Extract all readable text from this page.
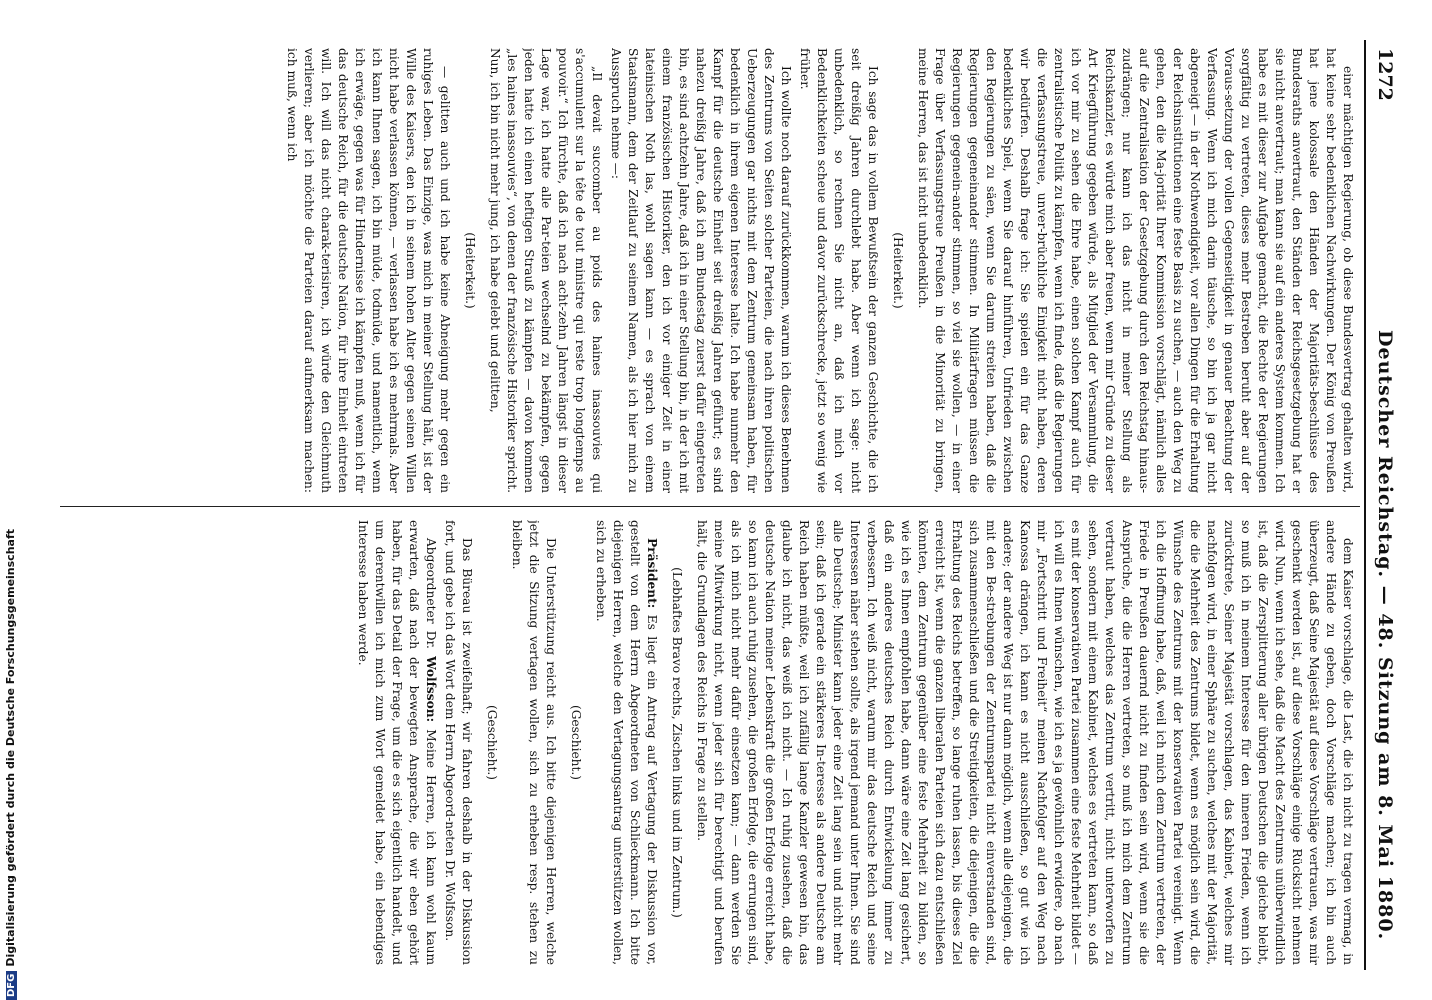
1272
Deutscher Reichstag. — 48. Sitzung am 8. Mai 1880.

einer mächtigen Regierung, ob diese Bundesvertrag gehalten wird, hat keine sehr bedenklichen Nachwirkungen. Der König von Preußen hat jene kolossale den Händen der Majoritäts-beschlüsse des Bundesraths anvertraut, den Ständen der Reichsgesetzgebung hat er sie nicht anvertraut; man kann sie auf ein anderes System kommen. Ich habe es mit dieser zur Aufgabe gemacht, die Rechte der Regierungen sorgfältig zu vertreten, dieses mehr Bestreben beruht aber auf der Voraus-setzung der vollen Gegenseitigkeit in genauer Beachtung der Verfassung. Wenn ich mich darin täusche, so bin ich ja gar nicht abgeneigt — in der Nothwendigkeit, vor allen Dingen für die Erhaltung der Reichsinstitutionen eine feste Basis zu suchen, — auch den Weg zu gehen, den die Ma-jorität Ihrer Kommission vorschlägt, nämlich alles auf die Zentralisation der Gesetzgebung durch den Reichstag hinaus-zudrängen; nur kann ich das nicht in meiner Stellung als Reichskanzler, es würde mich aber freuen, wenn mir Gründe zu dieser Art Kriegführung gegeben würde, als Mitglied der Versammlung, die ich vor mir zu sehen die Ehre habe, einen solchen Kampf auch für zentralistische Politik zu kämpfen, wenn ich finde, daß die Regierungen die verfassungstreue, unver-brüchliche Einigkeit nicht haben, deren wir bedürfen. Deshalb frage ich: Sie spielen ein für das Ganze bedenkliches Spiel, wenn Sie darauf hinführen, Unfrieden zwischen den Regierungen zu säen, wenn Sie darum streiten haben, daß die Regierungen gegeneinander stimmen. In Militärfragen müssen die Regierungen gegenein-ander stimmen, so viel sie wollen, — in einer Frage über Verfassungstreue Preußen in die Minorität zu bringen, meine Herren, das ist nicht unbedenklich.

(Heiterkeit.)

Ich sage das in vollem Bewußtsein der ganzen Geschichte, die ich seit dreißig Jahren durchlebt habe. Aber wenn ich sage: nicht unbedenklich, so rechnen Sie nicht an, daß ich mich vor Bedenklichkeiten scheue und davor zurückschrecke, jetzt so wenig wie früher.

Ich wollte noch darauf zurückkommen, warum ich dieses Benehmen des Zentrums von Seiten solcher Parteien, die nach ihren politischen Ueberzeugungen gar nichts mit dem Zentrum gemeinsam haben, für bedenklich in ihrem eigenen Interesse halte. Ich habe nunmehr den Kampf für die deutsche Einheit seit dreißig Jahren geführt; es sind nahezu dreißig Jahre, daß ich am Bundestag zuerst dafür eingetreten bin, es sind achtzehn Jahre, daß ich in einer Stellung bin, in der ich mit einem französischen Historiker, den ich vor einiger Zeit in einer lateinischen Noth las, wohl sagen kann — es sprach von einem Staatsmann, dem der Zeitlauf zu seinem Namen, als ich hier mich zu Ausspruch nehme —:

„Il devait succomber au poids des haines inassouvies qui s'accumulent sur la tête de tout ministre qui reste trop longtemps au pouvoir.“ Ich fürchte, daß ich nach acht-zehn Jahren längst in dieser Lage war, ich hatte alle Par-teien wechselnd zu bekämpfen, gegen jeden hatte ich einen heftigen Strauß zu kämpfen — davon kommen „les haines inassouvies“, von denen der französische Historiker spricht. Nun, ich bin nicht mehr jung, ich habe gelebt und gelitten,

(Heiterkeit.)

— gelitten auch und ich habe keine Abneigung mehr gegen ein ruhiges Leben. Das Einzige, was mich in meiner Stellung hält, ist der Wille des Kaisers, den ich in seinem hohen Alter gegen seinen Willen nicht habe verlassen können, — verlassen habe ich es mehrmals. Aber ich kann Ihnen sagen, ich bin müde, todmüde, und namentlich, wenn ich erwäge, gegen was für Hindernisse ich kämpfen muß, wenn ich für das deutsche Reich, für die deutsche Nation, für ihre Einheit eintreten will. Ich will das nicht charak-terisiren, ich würde den Gleichmuth verlieren; aber ich möchte die Parteien darauf aufmerksam machen: ich muß, wenn ich

dem Kaiser vorschlage, die Last, die ich nicht zu tragen vermag, in andere Hände zu geben, doch Vorschläge machen; ich bin auch überzeugt, daß Seine Majestät auf diese Vorschläge vertrauen, was mir geschenkt werden ist, auf diese Vorschläge einige Rücksicht nehmen wird. Nun, wenn ich sehe, daß die Macht des Zentrums unüberwindlich ist, daß die Zersplitterung aller übrigen Deutschen die gleiche bleibt, so muß ich in meinem Interesse für den inneren Frieden, wenn ich zurücktrete, Seiner Majestät vorschlagen, das Kabinet, welches mir nachfolgen wird, in einer Sphäre zu suchen, welches mit der Majorität, die die Mehrheit des Zentrums bildet, wenn es möglich sein wird, die Wünsche des Zentrums mit der konservativen Partei vereinigt. Wenn ich die Hoffnung habe, daß, weil ich mich dem Zentrum vertreten, der Friede in Preußen dauernd nicht zu finden sein wird, wenn sie die Ansprüche, die die Herren vertreten, so muß ich mich dem Zentrum vertraut haben, welches das Zentrum vertritt, nicht unterworfen zu sehen, sondern mit einem Kabinet, welches es vertreten kann, so daß es mit der konservativen Partei zusammen eine feste Mehrheit bildet — ich will es Ihnen wünschen, wie ich es ja gewöhnlich erwidere, ob nach mir „Fortschritt und Freiheit“ meinen Nachfolger auf den Weg nach Kanossa drängen, ich kann es nicht ausschließen, so gut wie ich andere; der andere Weg ist nur dann möglich, wenn alle diejenigen, die mit den Be-strebungen der Zentrumspartei nicht einverstanden sind, sich zusammenschließen und die Streitigkeiten, die diejenigen, die die Erhaltung des Reichs betreffen, so lange ruhen lassen, bis dieses Ziel erreicht ist, wenn die ganzen liberalen Parteien sich dazu entschließen könnten, dem Zentrum gegenüber eine feste Mehrheit zu bilden, so wie ich es Ihnen empfohlen habe, dann wäre eine Zeit lang gesichert, daß ein anderes deutsches Reich durch Entwickelung immer zu verbessern. Ich weiß nicht, warum mir das deutsche Reich und seine Interessen näher stehen sollte, als irgend jemand unter Ihnen. Sie sind alle Deutsche; Minister kann jeder eine Zeit lang sein und nicht mehr sein; daß ich gerade ein stärkeres In-teresse als andere Deutsche am Reich haben müßte, weil ich zufällig lange Kanzler gewesen bin, das glaube ich nicht, das weiß ich nicht. — Ich ruhig zusehen, daß die deutsche Nation meiner Lebenskraft die großen Erfolge erreicht habe, so kann ich auch ruhig zusehen, die großen Erfolge, die errungen sind, als ich mich nicht mehr dafür einsetzen kann; — dann werden Sie meine Mitwirkung nicht, wenn jeder sich für berechtigt und berufen hält, die Grundlagen des Reichs in Frage zu stellen.

(Lebhaftes Bravo rechts, Zischen links und im Zentrum.)

Präsident: Es liegt ein Antrag auf Vertagung der Diskussion vor, gestellt von dem Herrn Abgeordneten von Schlieckmann. Ich bitte diejenigen Herren, welche den Vertagungsantrag unterstützen wollen, sich zu erheben.

(Geschieht.)

Die Unterstützung reicht aus. Ich bitte diejenigen Herren, welche jetzt die Sitzung vertagen wollen, sich zu erheben resp. stehen zu bleiben.

(Geschieht.)

Das Büreau ist zweifelhaft; wir fahren deshalb in der Diskussion fort, und gebe ich das Wort dem Herrn Abgeord-neten Dr. Wolfsson.

Abgeordneter Dr. Wolfsson: Meine Herren, ich kann wohl kaum erwarten, daß nach der bewegten Ansprache, die wir eben gehört haben, für das Detail der Frage, um die es sich eigentlich handelt, und um derentwillen ich mich zum Wort gemeldet habe, ein lebendiges Interesse haben werde.

DFGDigitalisierung gefördert durch die Deutsche Forschungsgemeinschaft
